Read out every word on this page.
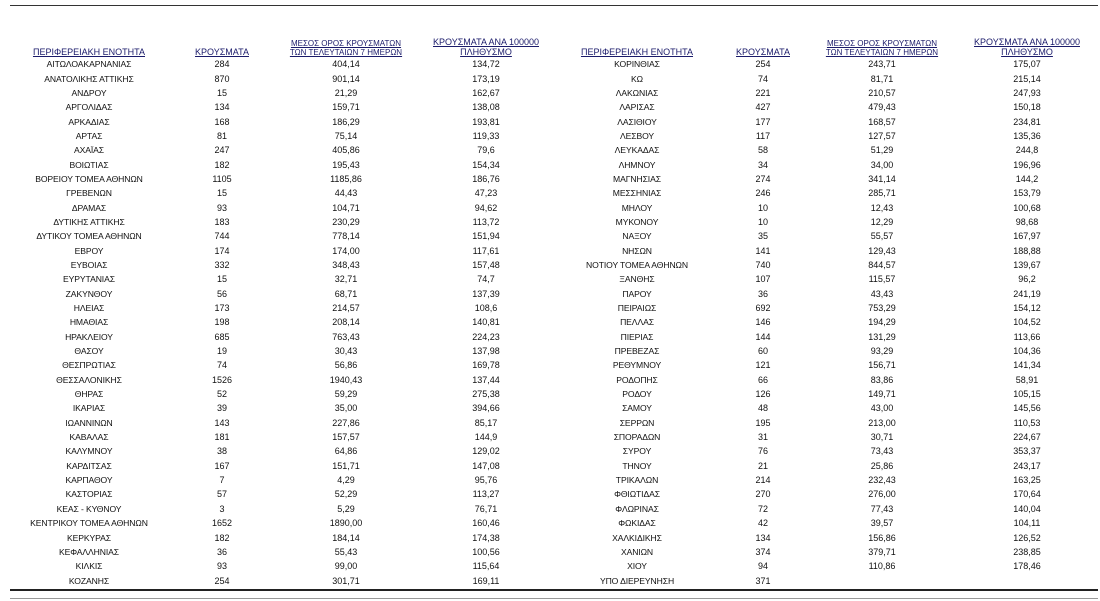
ΠΕΡΙΦΕΡΕΙΑΚΗ ΕΝΟΤΗΤΑ	ΚΡΟΥΣΜΑΤΑ
ΜΕΣΟΣ ΟΡΟΣ ΚΡΟΥΣΜΑΤΩΝ
ΤΩΝ ΤΕΛΕΥΤΑΙΩΝ 7 ΗΜΕΡΩΝ
ΚΡΟΥΣΜΑΤΑ ΑΝΑ 100000
ΠΛΗΘΥΣΜΟ
ΑΙΤΩΛΟΑΚΑΡΝΑΝΙΑΣ	284	404,14	134,72
ΑΝΑΤΟΛΙΚΗΣ ΑΤΤΙΚΗΣ	870	901,14	173,19
ΑΝΔΡΟΥ	15	21,29	162,67
ΑΡΓΟΛΙΔΑΣ	134	159,71	138,08
ΑΡΚΑΔΙΑΣ	168	186,29	193,81
ΑΡΤΑΣ	81	75,14	119,33
ΑΧΑΪΑΣ	247	405,86	79,6
ΒΟΙΩΤΙΑΣ	182	195,43	154,34
ΒΟΡΕΙΟΥ ΤΟΜΕΑ ΑΘΗΝΩΝ	1105	1185,86	186,76
ΓΡΕΒΕΝΩΝ	15	44,43	47,23
ΔΡΑΜΑΣ	93	104,71	94,62
ΔΥΤΙΚΗΣ ΑΤΤΙΚΗΣ	183	230,29	113,72
ΔΥΤΙΚΟΥ ΤΟΜΕΑ ΑΘΗΝΩΝ	744	778,14	151,94
ΕΒΡΟΥ	174	174,00	117,61
ΕΥΒΟΙΑΣ	332	348,43	157,48
ΕΥΡΥΤΑΝΙΑΣ	15	32,71	74,7
ΖΑΚΥΝΘΟΥ	56	68,71	137,39
ΗΛΕΙΑΣ	173	214,57	108,6
ΗΜΑΘΙΑΣ	198	208,14	140,81
ΗΡΑΚΛΕΙΟΥ	685	763,43	224,23
ΘΑΣΟΥ	19	30,43	137,98
ΘΕΣΠΡΩΤΙΑΣ	74	56,86	169,78
ΘΕΣΣΑΛΟΝΙΚΗΣ	1526	1940,43	137,44
ΘΗΡΑΣ	52	59,29	275,38
ΙΚΑΡΙΑΣ	39	35,00	394,66
ΙΩΑΝΝΙΝΩΝ	143	227,86	85,17
ΚΑΒΑΛΑΣ	181	157,57	144,9
ΚΑΛΥΜΝΟΥ	38	64,86	129,02
ΚΑΡΔΙΤΣΑΣ	167	151,71	147,08
ΚΑΡΠΑΘΟΥ	7	4,29	95,76
ΚΑΣΤΟΡΙΑΣ	57	52,29	113,27
ΚΕΑΣ - ΚΥΘΝΟΥ	3	5,29	76,71
ΚΕΝΤΡΙΚΟΥ ΤΟΜΕΑ ΑΘΗΝΩΝ	1652	1890,00	160,46
ΚΕΡΚΥΡΑΣ	182	184,14	174,38
ΚΕΦΑΛΛΗΝΙΑΣ	36	55,43	100,56
ΚΙΛΚΙΣ	93	99,00	115,64
ΚΟΖΑΝΗΣ	254	301,71	169,11
ΠΕΡΙΦΕΡΕΙΑΚΗ ΕΝΟΤΗΤΑ	ΚΡΟΥΣΜΑΤΑ
ΜΕΣΟΣ ΟΡΟΣ ΚΡΟΥΣΜΑΤΩΝ
ΤΩΝ ΤΕΛΕΥΤΑΙΩΝ 7 ΗΜΕΡΩΝ
ΚΡΟΥΣΜΑΤΑ ΑΝΑ 100000
ΠΛΗΘΥΣΜΟ
ΚΟΡΙΝΘΙΑΣ	254	243,71	175,07
ΚΩ	74	81,71	215,14
ΛΑΚΩΝΙΑΣ	221	210,57	247,93
ΛΑΡΙΣΑΣ	427	479,43	150,18
ΛΑΣΙΘΙΟΥ	177	168,57	234,81
ΛΕΣΒΟΥ	117	127,57	135,36
ΛΕΥΚΑΔΑΣ	58	51,29	244,8
ΛΗΜΝΟΥ	34	34,00	196,96
ΜΑΓΝΗΣΙΑΣ	274	341,14	144,2
ΜΕΣΣΗΝΙΑΣ	246	285,71	153,79
ΜΗΛΟΥ	10	12,43	100,68
ΜΥΚΟΝΟΥ	10	12,29	98,68
ΝΑΞΟΥ	35	55,57	167,97
ΝΗΣΩΝ	141	129,43	188,88
ΝΟΤΙΟΥ ΤΟΜΕΑ ΑΘΗΝΩΝ	740	844,57	139,67
ΞΑΝΘΗΣ	107	115,57	96,2
ΠΑΡΟΥ	36	43,43	241,19
ΠΕΙΡΑΙΩΣ	692	753,29	154,12
ΠΕΛΛΑΣ	146	194,29	104,52
ΠΙΕΡΙΑΣ	144	131,29	113,66
ΠΡΕΒΕΖΑΣ	60	93,29	104,36
ΡΕΘΥΜΝΟΥ	121	156,71	141,34
ΡΟΔΟΠΗΣ	66	83,86	58,91
ΡΟΔΟΥ	126	149,71	105,15
ΣΑΜΟΥ	48	43,00	145,56
ΣΕΡΡΩΝ	195	213,00	110,53
ΣΠΟΡΑΔΩΝ	31	30,71	224,67
ΣΥΡΟΥ	76	73,43	353,37
ΤΗΝΟΥ	21	25,86	243,17
ΤΡΙΚΑΛΩΝ	214	232,43	163,25
ΦΘΙΩΤΙΔΑΣ	270	276,00	170,64
ΦΛΩΡΙΝΑΣ	72	77,43	140,04
ΦΩΚΙΔΑΣ	42	39,57	104,11
ΧΑΛΚΙΔΙΚΗΣ	134	156,86	126,52
ΧΑΝΙΩΝ	374	379,71	238,85
ΧΙΟΥ	94	110,86	178,46
ΥΠΟ ΔΙΕΡΕΥΝΗΣΗ	371
